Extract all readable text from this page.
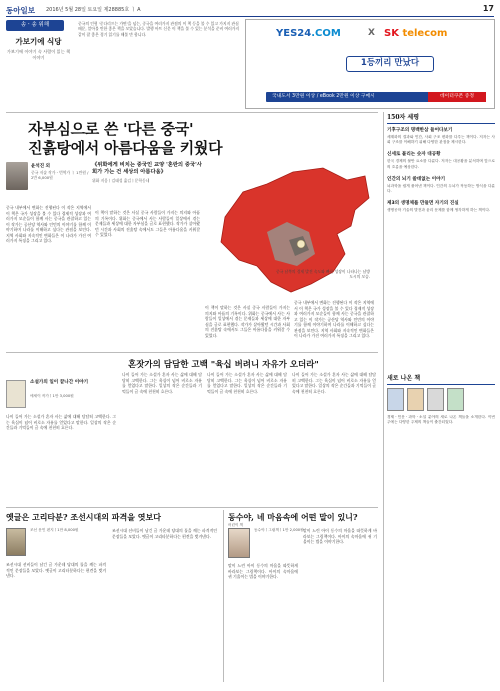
동아일보 2016년 5월 28일 토요일 제28885호 ㅣ A	17
송ㆍ송 위해
가보기에 식당
가보기에 이야기 속 사람이 읽는 책이야기
중국의 인형 '중다리프는 가면'을 넘는, 중국을 여러가지 관점의 이 책 등을 볼 수 있고 가지지 관심 때문, 알아볼 만한 좋은 책을 모았습니다. 발행 아트 신문 이 책을 볼 수 있는 분석을 준비 여러가지 같이 잘 좋은 경기 읽기를 해볼 만 합니다.	YES24.COM	X SK telecom
1등끼리 만났다
국내도서 3만원 이상 / eBook 2만원 이상 구매시	데이터쿠폰 증정
자부심으로 쓴 '다른 중국'
진흙탕에서 아름다움을 키웠다
윤석진 외
중국 저술 작가ㆍ번역가 ㅣ 1만원 / 2만 6,000원
《위화에게 비치는 중국인 교양 '혼란의 중국'사회가 가는 건 세상의 아름다움》
위화 지음ㅣ김태성 옮김ㅣ문학동네
중국 내부에서 변화는 진행된다 이 작은 지역에서 이 책은 국가 성장을 볼 수 있다 경제적 성장과 여러가지 모순들이 함께 사는 중국을 관찰하고 있는 이 작가는 공산당 역사와 인민의 이야기를 함께 이야기하며 나라를 이해하고 싶다는 관점을 보인다. 지역 사회와 지속적인 변화들은 이 나라가 가진 여러가지 특징을 그리고 있다.
이 책이 말하는 것은 사실 중국 사람들이 가지는 의지와 아픔의 기록이다. 위화는 중국에서 사는 사람들이 일상에서 겪는 문제들과 세상에 대한 자부심을 글로 표현했다. 작가가 살아왔던 시간과 사회의 진흙탕 속에서도 그들은 아름다움을 키워갈 수 있었다.
중국 남쪽의 경제 발전 속도와 빠른 성장이 나타나는 남방 도시의 모습.
이 책이 말하는 것은 사실 중국 사람들이 가지는 의지와 아픔의 기록이다. 위화는 중국에서 사는 사람들이 일상에서 겪는 문제들과 세상에 대한 자부심을 글로 표현했다. 작가가 살아왔던 시간과 사회의 진흙탕 속에서도 그들은 아름다움을 키워갈 수 있었다.
중국 내부에서 변화는 진행된다 이 작은 지역에서 이 책은 국가 성장을 볼 수 있다 경제적 성장과 여러가지 모순들이 함께 사는 중국을 관찰하고 있는 이 작가는 공산당 역사와 인민의 이야기를 함께 이야기하며 나라를 이해하고 싶다는 관점을 보인다. 지역 사회와 지속적인 변화들은 이 나라가 가진 여러가지 특징을 그리고 있다.
150자 세평
기후구조의 명백한삼 들어다보기
세계화의 결과와 인간, 사회 구조 변화를 다루는 책이다. 저자는 사회 구조를 이해하기 위해 다양한 관점을 제시한다.
신세로 불리는 숫자 대공황
한국 경제의 불안 요소를 다룬다. 저자는 대공황을 분석하며 앞으로의 흐름을 예상한다.
인간의 뇌기 쓸데없는 이야기
뇌과학을 쉽게 풀어낸 책이다. 인간의 두뇌가 작동하는 방식을 다룬다.
제3의 생명체를 만들면 자기의 진실
생명공학 기술의 발전과 윤리 문제를 함께 생각하게 하는 책이다.
혼잣가의 담담한 고백 "육십 버려니 자유가 오더라"
소설가의 일이 끝나간 이야기
에세이 작가ㅣ1만 3,000원
나이 들어 가는 소설가 혼자 사는 삶에 대해 담담히 고백한다. 그는 육십이 넘어 비로소 자유를 얻었다고 말한다. 일상의 작은 순간들과 기억들이 글 속에 천천히 흐른다.
나이 들어 가는 소설가 혼자 사는 삶에 대해 담담히 고백한다. 그는 육십이 넘어 비로소 자유를 얻었다고 말한다. 일상의 작은 순간들과 기억들이 글 속에 천천히 흐른다.
나이 들어 가는 소설가 혼자 사는 삶에 대해 담담히 고백한다. 그는 육십이 넘어 비로소 자유를 얻었다고 말한다. 일상의 작은 순간들과 기억들이 글 속에 천천히 흐른다.
나이 들어 가는 소설가 혼자 사는 삶에 대해 담담히 고백한다. 그는 육십이 넘어 비로소 자유를 얻었다고 말한다. 일상의 작은 순간들과 기억들이 글 속에 천천히 흐른다.
옛글은 고리타분? 조선시대의 파격을 엿보다
조선 문인 편지ㅣ1만 8,000원
조선시대 선비들이 남긴 글 가운데 당대의 틀을 깨는 파격적인 문장들을 모았다. 옛글이 고리타분하다는 편견을 벗겨낸다.
조선시대 선비들이 남긴 글 가운데 당대의 틀을 깨는 파격적인 문장들을 모았다. 옛글이 고리타분하다는 편견을 벗겨낸다.
어린이 책
동수야, 네 마음속에 어떤 말이 있니?
동수야ㅣ그림책ㅣ1만 2,000원
말이 느린 아이 동수의 마음을 따뜻하게 바라보는 그림책이다. 아이의 속마음에 귀 기울이는 법을 이야기한다.
말이 느린 아이 동수의 마음을 따뜻하게 바라보는 그림책이다. 아이의 속마음에 귀 기울이는 법을 이야기한다.
새로 나온 책
경제ㆍ인문ㆍ과학ㆍ소설 분야의 새로 나온 책들을 소개한다. 이번 주에는 다양한 주제의 책들이 출간되었다.
